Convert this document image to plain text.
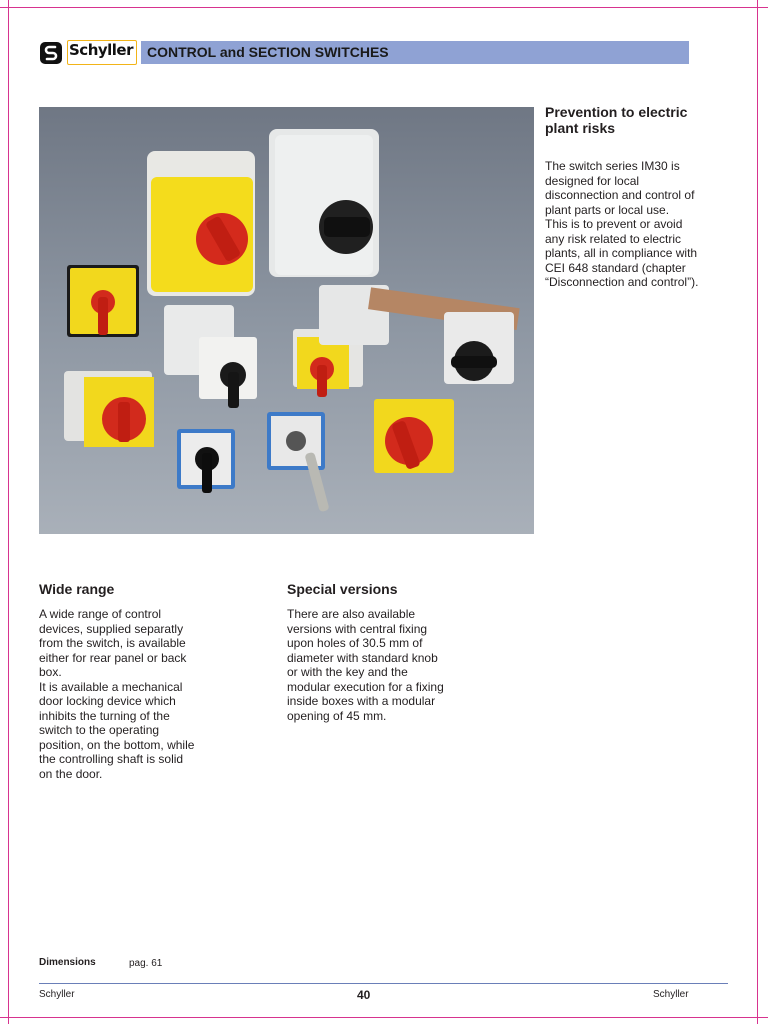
Schyller CONTROL and SECTION SWITCHES
Prevention to electric plant risks

The switch series IM30 is designed for local disconnection and control of plant parts or local use.

This is to prevent or avoid any risk related to electric plants, all in compliance with CEI 648 standard (chapter “Disconnection and control”).

Wide range

A wide range of control devices, supplied separatly from the switch, is available either for rear panel or back box.

It is available a mechanical door locking device which inhibits the turning of the switch to the operating position, on the bottom, while the controlling shaft is solid on the door.

Special versions

There are also available versions with central fixing upon holes of 30.5 mm of diameter with standard knob or with the key and the modular execution for a fixing inside boxes with a modular opening of 45 mm.

Dimensions	pag. 61
Schyller	40	Schyller
